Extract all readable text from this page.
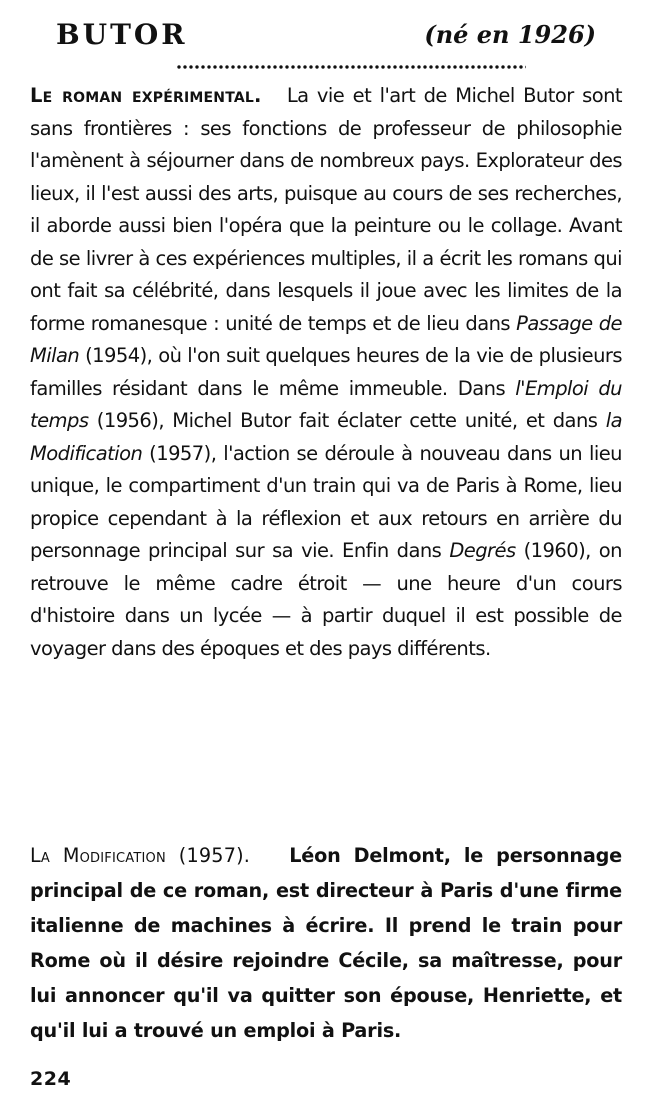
BUTOR	(né en 1926)
Le roman expérimental. La vie et l'art de Michel Butor sont sans frontières : ses fonctions de professeur de philosophie l'amènent à séjourner dans de nombreux pays. Explorateur des lieux, il l'est aussi des arts, puisque au cours de ses recherches, il aborde aussi bien l'opéra que la peinture ou le collage. Avant de se livrer à ces expériences multiples, il a écrit les romans qui ont fait sa célébrité, dans lesquels il joue avec les limites de la forme romanesque : unité de temps et de lieu dans Passage de Milan (1954), où l'on suit quelques heures de la vie de plusieurs familles résidant dans le même immeuble. Dans l'Emploi du temps (1956), Michel Butor fait éclater cette unité, et dans la Modification (1957), l'action se déroule à nouveau dans un lieu unique, le compartiment d'un train qui va de Paris à Rome, lieu propice cependant à la réflexion et aux retours en arrière du personnage principal sur sa vie. Enfin dans Degrés (1960), on retrouve le même cadre étroit — une heure d'un cours d'histoire dans un lycée — à partir duquel il est possible de voyager dans des époques et des pays différents.
La Modification (1957). Léon Delmont, le personnage principal de ce roman, est directeur à Paris d'une firme italienne de machines à écrire. Il prend le train pour Rome où il désire rejoindre Cécile, sa maîtresse, pour lui annoncer qu'il va quitter son épouse, Henriette, et qu'il lui a trouvé un emploi à Paris.
224
